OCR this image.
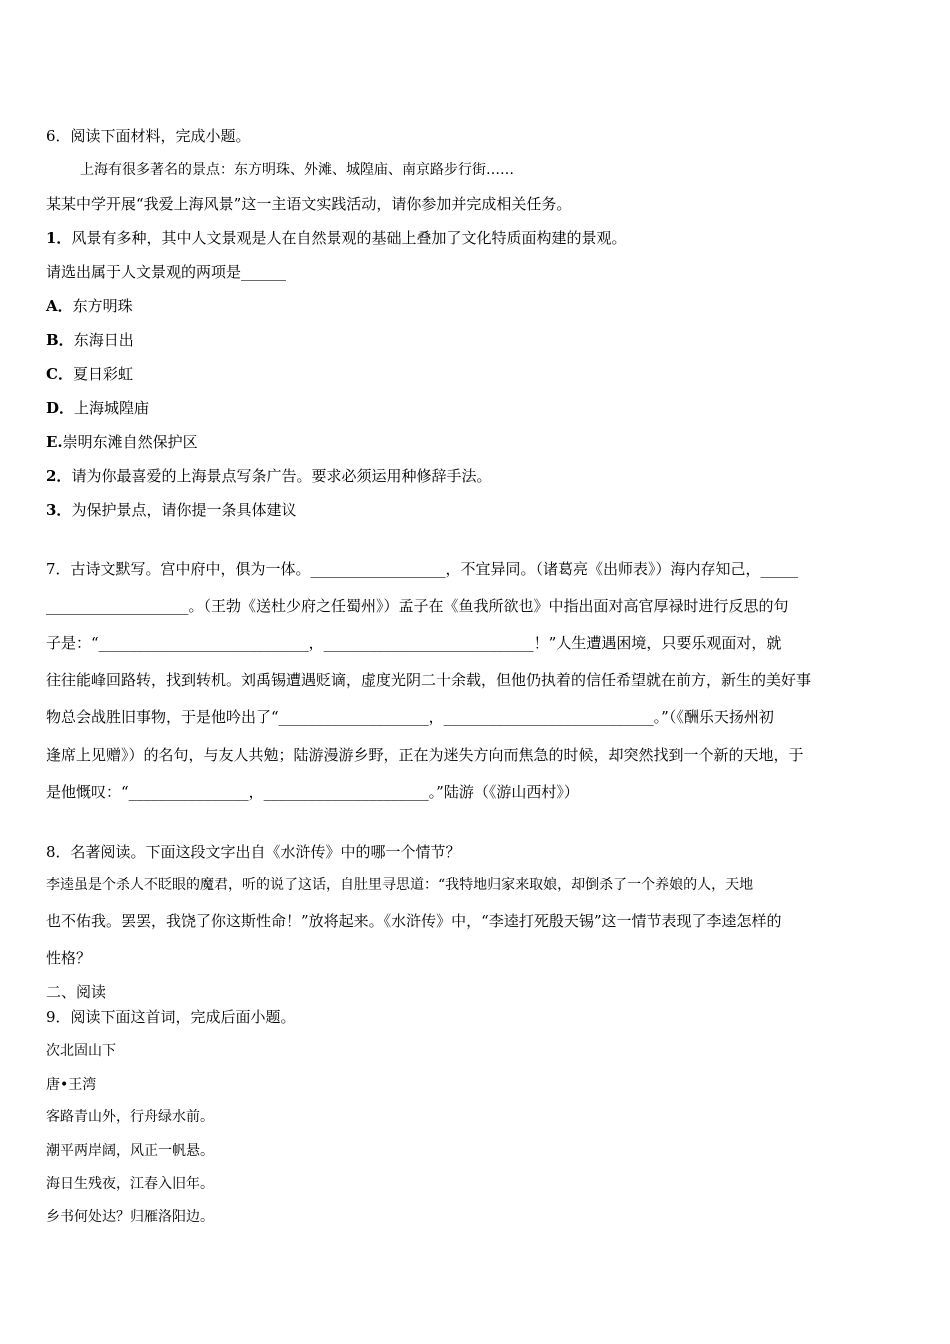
6．阅读下面材料，完成小题。
上海有很多著名的景点：东方明珠、外滩、城隍庙、南京路步行街……
某某中学开展“我爱上海风景”这一主语文实践活动，请你参加并完成相关任务。
1．风景有多种，其中人文景观是人在自然景观的基础上叠加了文化特质面构建的景观。
请选出属于人文景观的两项是______
A．东方明珠
B．东海日出
C．夏日彩虹
D．上海城隍庙
E.崇明东滩自然保护区
2．请为你最喜爱的上海景点写条广告。要求必须运用种修辞手法。
3．为保护景点，请你提一条具体建议
7．古诗文默写。宫中府中，俱为一体。__________________，不宜异同。（诸葛亮《出师表》）海内存知己，_____
___________________。（王勃《送杜少府之任蜀州》）孟子在《鱼我所欲也》中指出面对高官厚禄时进行反思的句
子是：“____________________________，____________________________！”人生遭遇困境，只要乐观面对，就
往往能峰回路转，找到转机。刘禹锡遭遇贬谪，虚度光阴二十余载，但他仍执着的信任希望就在前方，新生的美好事
物总会战胜旧事物，于是他吟出了“____________________，____________________________。”（《酬乐天扬州初
逢席上见赠》）的名句，与友人共勉；陆游漫游乡野，正在为迷失方向而焦急的时候，却突然找到一个新的天地，于
是他慨叹：“________________，______________________。”陆游（《游山西村》）
8．名著阅读。下面这段文字出自《水浒传》中的哪一个情节？
李逵虽是个杀人不眨眼的魔君，听的说了这话，自肚里寻思道：“我特地归家来取娘，却倒杀了一个养娘的人，天地
也不佑我。罢罢，我饶了你这斯性命！”放将起来。《水浒传》中，“李逵打死殷天锡”这一情节表现了李逵怎样的
性格？
二、阅读
9．阅读下面这首词，完成后面小题。
次北固山下
唐•王湾
客路青山外，行舟绿水前。
潮平两岸阔，风正一帆悬。
海日生残夜，江春入旧年。
乡书何处达？归雁洛阳边。
